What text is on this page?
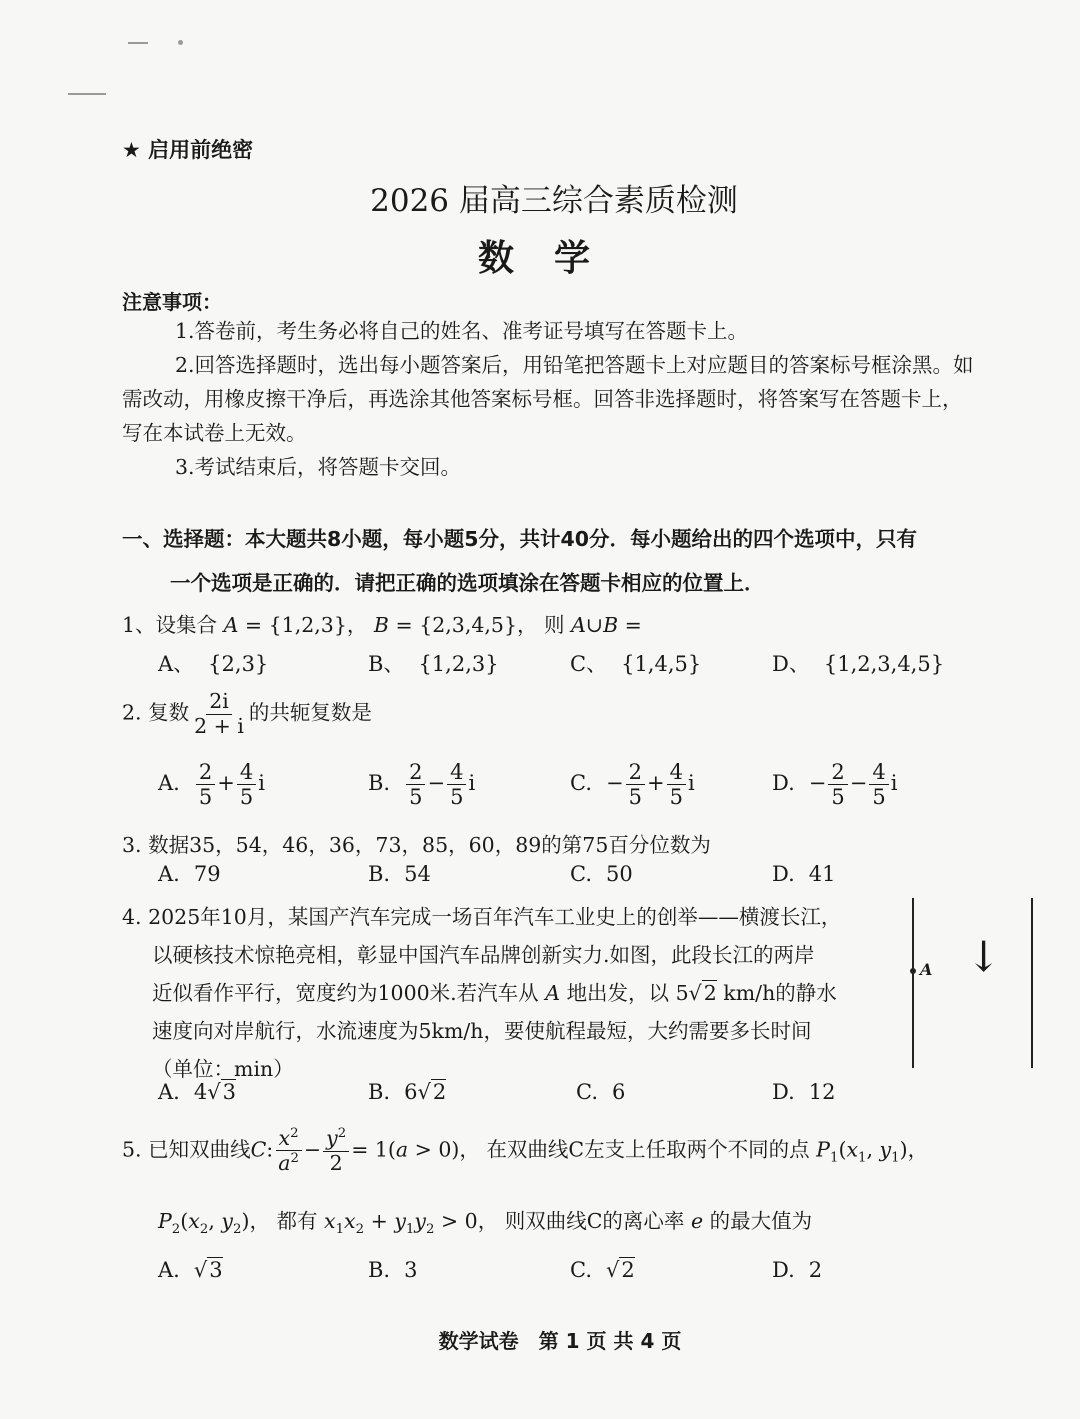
★ 启用前绝密
2026 届高三综合素质检测
数学
注意事项：

1.答卷前，考生务必将自己的姓名、准考证号填写在答题卡上。

2.回答选择题时，选出每小题答案后，用铅笔把答题卡上对应题目的答案标号框涂黑。如需改动，用橡皮擦干净后，再选涂其他答案标号框。回答非选择题时，将答案写在答题卡上，写在本试卷上无效。

3.考试结束后，将答题卡交回。

一、选择题：本大题共8小题，每小题5分，共计40分．每小题给出的四个选项中，只有
一个选项是正确的．请把正确的选项填涂在答题卡相应的位置上．
1、设集合 A = {1,2,3}， B = {2,3,4,5}， 则 A∪B =
A、 {2,3}	B、 {1,2,3}	C、 {1,4,5}	D、 {1,2,3,4,5}
2. 复数 $\frac{2i}{2 + i}$ 的共轭复数是
A. $\frac{2}{5} + \frac{4}{5}$ i	B. $\frac{2}{5} - \frac{4}{5}$ i	C. − $\frac{2}{5} + \frac{4}{5}$ i	D. − $\frac{2}{5} - \frac{4}{5}$ i
3. 数据35，54，46，36，73，85，60，89的第75百分位数为
A. 79	B. 54	C. 50	D. 41

4. 2025年10月，某国产汽车完成一场百年汽车工业史上的创举——横渡长江，

以硬核技术惊艳亮相，彰显中国汽车品牌创新实力.如图，此段长江的两岸

近似看作平行，宽度约为1000米.若汽车从 A 地出发，以 5√2 km/h的静水

速度向对岸航行，水流速度为5km/h，要使航程最短，大约需要多长时间

（单位：min）

A ↓
A. 4√3	B. 6√2	C. 6	D. 12
5. 已知双曲线C: $\frac{x^2}{a^2} - \frac{y^2}{2} = 1(a > 0)$， 在双曲线C左支上任取两个不同的点 $P_1(x_1$, $y_1$)，
$P_2(x_2$, $y_2$)， 都有 $x_1x_2 + y_1y_2 > 0$， 则双曲线C的离心率 e 的最大值为
A. √3	B. 3	C. √2	D. 2
数学试卷　第 1 页 共 4 页
